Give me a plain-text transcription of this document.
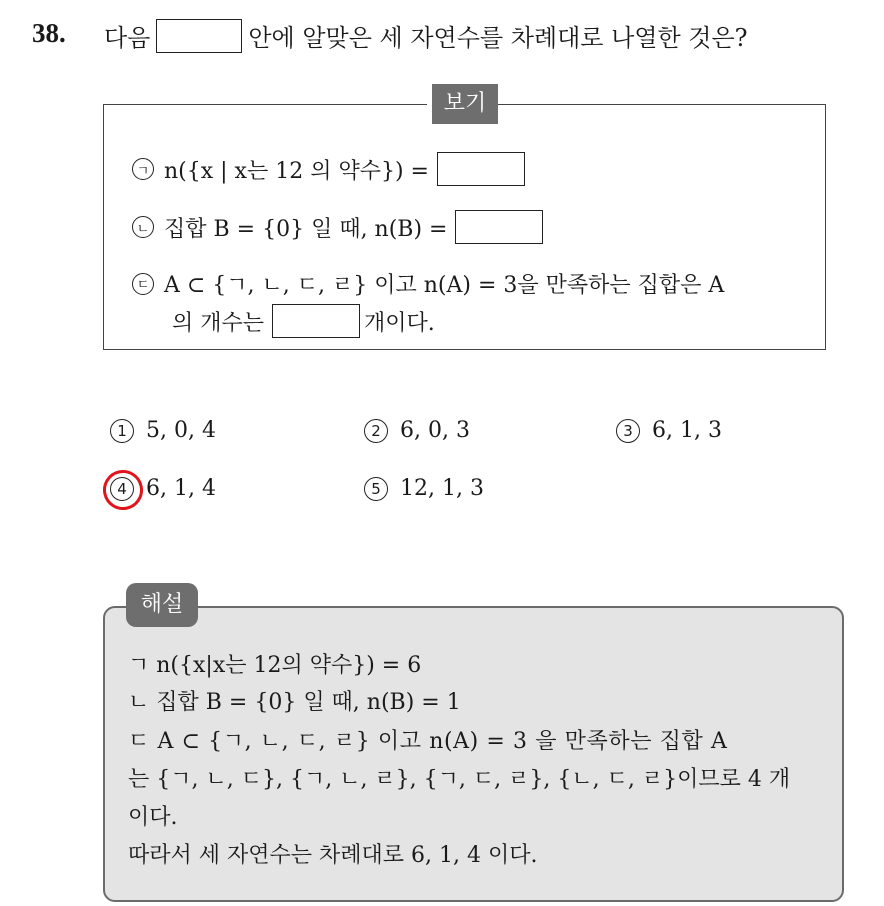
38. 다음	안에 알맞은 세 자연수를 차례대로 나열한 것은?
보기
ㄱ n({x | x는 12 의 약수}) =
ㄴ 집합 B = {0} 일 때, n(B) =
ㄷ A ⊂ {ㄱ, ㄴ, ㄷ, ㄹ} 이고 n(A) = 3을 만족하는 집합은 A
의 개수는	개이다.
1 5, 0, 4	2 6, 0, 3	3 6, 1, 3
4 6, 1, 4	5 12, 1, 3
해설
ㄱ n({x|x는 12의 약수}) = 6
ㄴ 집합 B = {0} 일 때, n(B) = 1
ㄷ A ⊂ {ㄱ, ㄴ, ㄷ, ㄹ} 이고 n(A) = 3 을 만족하는 집합 A
는 {ㄱ, ㄴ, ㄷ}, {ㄱ, ㄴ, ㄹ}, {ㄱ, ㄷ, ㄹ}, {ㄴ, ㄷ, ㄹ}이므로 4 개
이다.
따라서 세 자연수는 차례대로 6, 1, 4 이다.
